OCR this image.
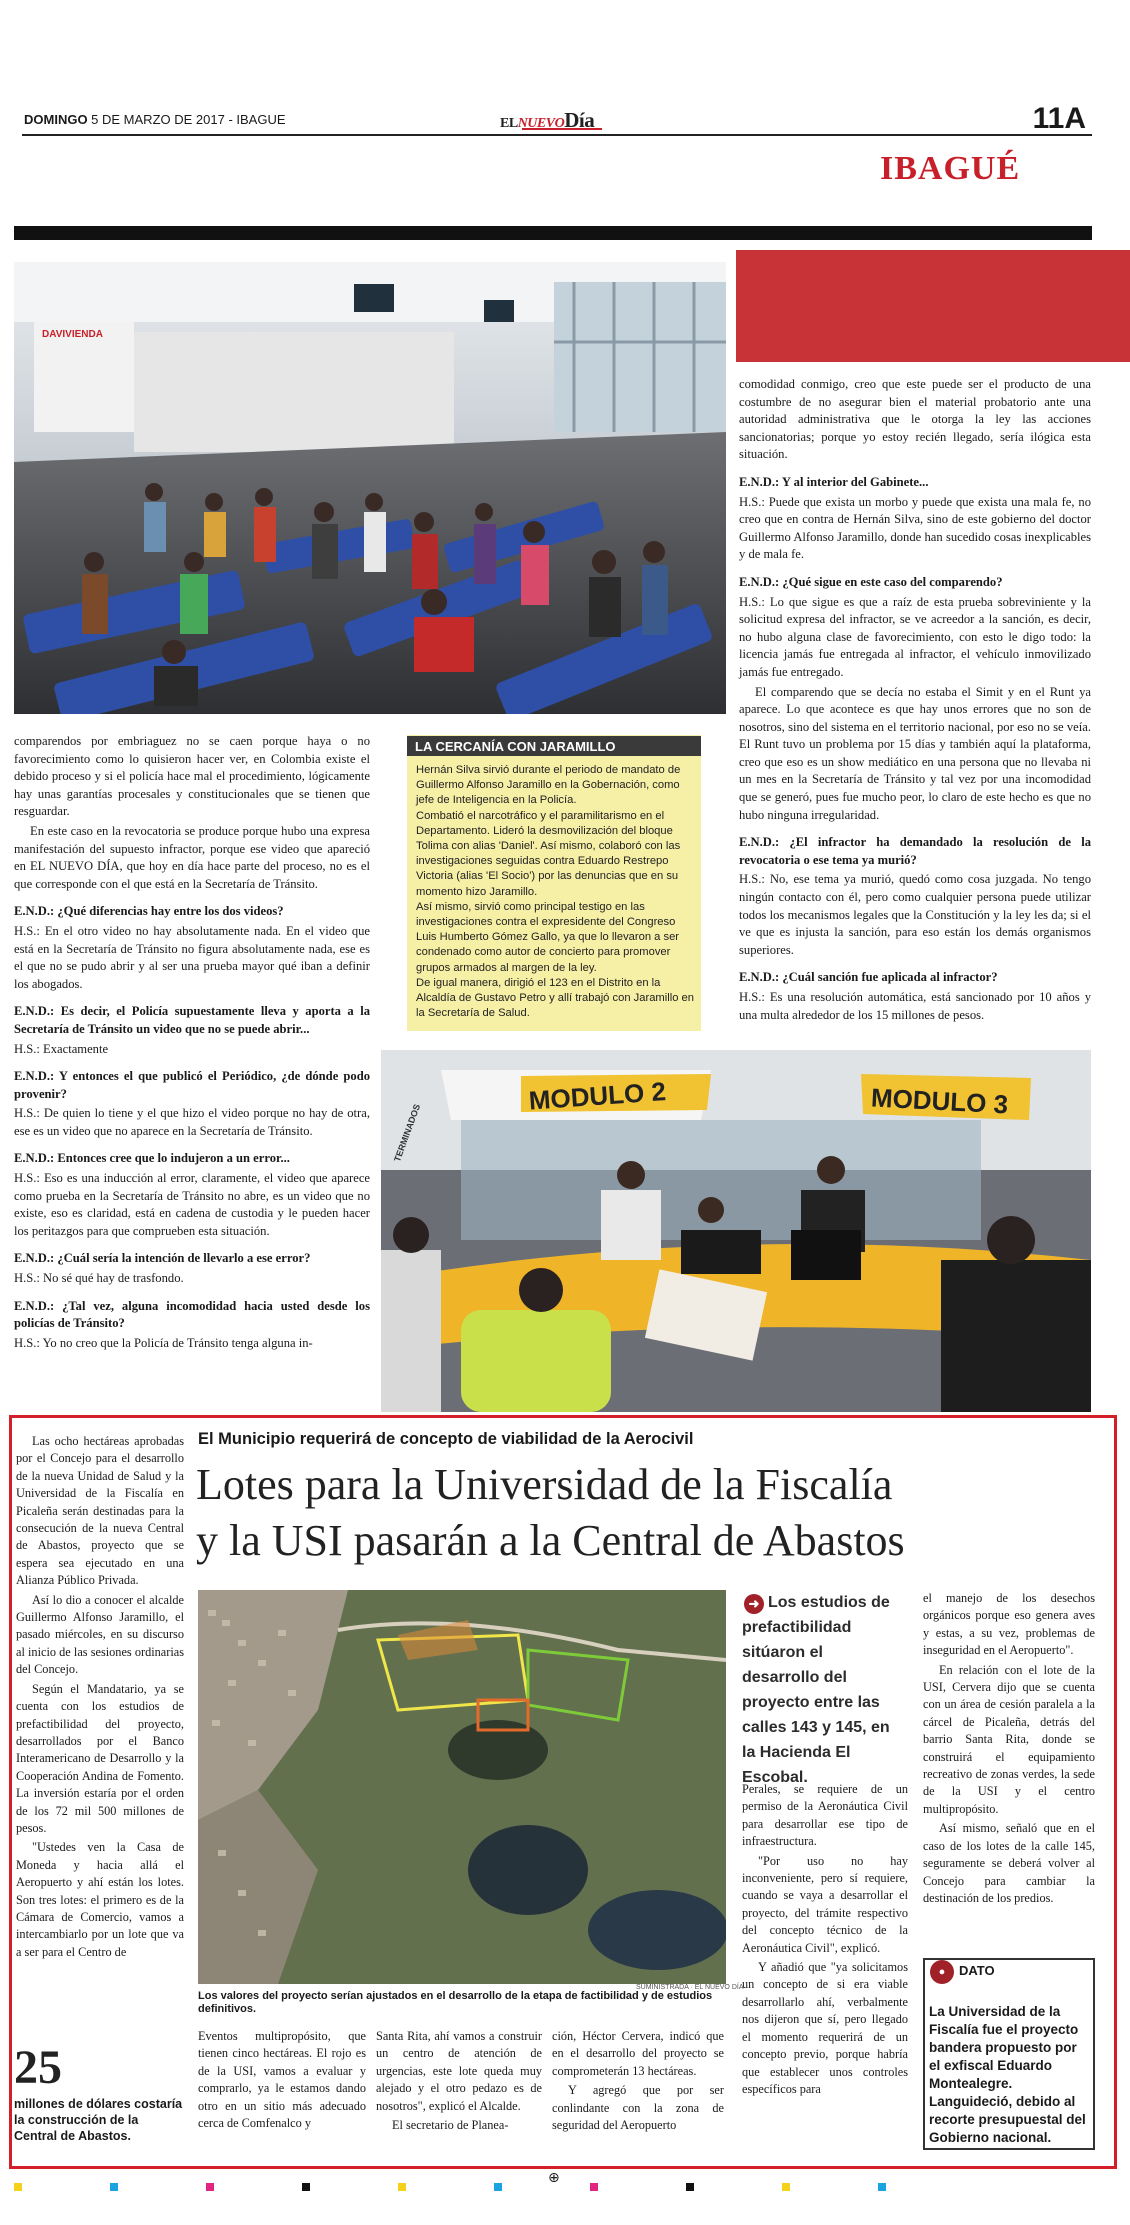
DOMINGO 5 DE MARZO DE 2017 - IBAGUE	ELNUEVODía	11A
IBAGUÉ
DAVIVIENDA

comparendos por embriaguez no se caen porque haya o no favorecimiento como lo quisieron hacer ver, en Colombia existe el debido proceso y si el policía hace mal el procedimiento, lógicamente hay unas garantías procesales y constitucionales que se tienen que resguardar.

En este caso en la revocatoria se produce porque hubo una expresa manifestación del supuesto infractor, porque ese video que apareció en EL NUEVO DÍA, que hoy en día hace parte del proceso, no es el que corresponde con el que está en la Secretaría de Tránsito.

E.N.D.: ¿Qué diferencias hay entre los dos videos?

H.S.: En el otro video no hay absolutamente nada. En el video que está en la Secretaría de Tránsito no figura absolutamente nada, ese es el que no se pudo abrir y al ser una prueba mayor qué iban a definir los abogados.

E.N.D.: Es decir, el Policía supuestamente lleva y aporta a la Secretaría de Tránsito un video que no se puede abrir...

H.S.: Exactamente

E.N.D.: Y entonces el que publicó el Periódico, ¿de dónde podo provenir?

H.S.: De quien lo tiene y el que hizo el video porque no hay de otra, ese es un video que no aparece en la Secretaría de Tránsito.

E.N.D.: Entonces cree que lo indujeron a un error...

H.S.: Eso es una inducción al error, claramente, el video que aparece como prueba en la Secretaría de Tránsito no abre, es un video que no existe, eso es claridad, está en cadena de custodia y le pueden hacer los peritazgos para que comprueben esta situación.

E.N.D.: ¿Cuál sería la intención de llevarlo a ese error?

H.S.: No sé qué hay de trasfondo.

E.N.D.: ¿Tal vez, alguna incomodidad hacia usted desde los policías de Tránsito?

H.S.: Yo no creo que la Policía de Tránsito tenga alguna in-

LA CERCANÍA CON JARAMILLO

Hernán Silva sirvió durante el periodo de mandato de Guillermo Alfonso Jaramillo en la Gobernación, como jefe de Inteligencia en la Policía.

Combatió el narcotráfico y el paramilitarismo en el Departamento. Lideró la desmovilización del bloque Tolima con alias 'Daniel'. Así mismo, colaboró con las investigaciones seguidas contra Eduardo Restrepo Victoria (alias 'El Socio') por las denuncias que en su momento hizo Jaramillo.

Así mismo, sirvió como principal testigo en las investigaciones contra el expresidente del Congreso Luis Humberto Gómez Gallo, ya que lo llevaron a ser condenado como autor de concierto para promover grupos armados al margen de la ley.

De igual manera, dirigió el 123 en el Distrito en la Alcaldía de Gustavo Petro y allí trabajó con Jaramillo en la Secretaría de Salud.

comodidad conmigo, creo que este puede ser el producto de una costumbre de no asegurar bien el material probatorio ante una autoridad administrativa que le otorga la ley las acciones sancionatorias; porque yo estoy recién llegado, sería ilógica esta situación.

E.N.D.: Y al interior del Gabinete...

H.S.: Puede que exista un morbo y puede que exista una mala fe, no creo que en contra de Hernán Silva, sino de este gobierno del doctor Guillermo Alfonso Jaramillo, donde han sucedido cosas inexplicables y de mala fe.

E.N.D.: ¿Qué sigue en este caso del comparendo?

H.S.: Lo que sigue es que a raíz de esta prueba sobreviniente y la solicitud expresa del infractor, se ve acreedor a la sanción, es decir, no hubo alguna clase de favorecimiento, con esto le digo todo: la licencia jamás fue entregada al infractor, el vehículo inmovilizado jamás fue entregado.

El comparendo que se decía no estaba el Simit y en el Runt ya aparece. Lo que acontece es que hay unos errores que no son de nosotros, sino del sistema en el territorio nacional, por eso no se veía. El Runt tuvo un problema por 15 días y también aquí la plataforma, creo que eso es un show mediático en una persona que no llevaba ni un mes en la Secretaría de Tránsito y tal vez por una incomodidad que se generó, pues fue mucho peor, lo claro de este hecho es que no hubo ninguna irregularidad.

E.N.D.: ¿El infractor ha demandado la resolución de la revocatoria o ese tema ya murió?

H.S.: No, ese tema ya murió, quedó como cosa juzgada. No tengo ningún contacto con él, pero como cualquier persona puede utilizar todos los mecanismos legales que la Constitución y la ley les da; si el ve que es injusta la sanción, para eso están los demás organismos superiores.

E.N.D.: ¿Cuál sanción fue aplicada al infractor?

H.S.: Es una resolución automática, está sancionado por 10 años y una multa alrededor de los 15 millones de pesos.

MODULO 2	MODULO 3
TERMINADOS
El Municipio requerirá de concepto de viabilidad de la Aerocivil
Lotes para la Universidad de la Fiscalía
y la USI pasarán a la Central de Abastos

Las ocho hectáreas aprobadas por el Concejo para el desarrollo de la nueva Unidad de Salud y la Universidad de la Fiscalía en Picaleña serán destinadas para la consecución de la nueva Central de Abastos, proyecto que se espera sea ejecutado en una Alianza Público Privada.

Así lo dio a conocer el alcalde Guillermo Alfonso Jaramillo, el pasado miércoles, en su discurso al inicio de las sesiones ordinarias del Concejo.

Según el Mandatario, ya se cuenta con los estudios de prefactibilidad del proyecto, desarrollados por el Banco Interamericano de Desarrollo y la Cooperación Andina de Fomento. La inversión estaría por el orden de los 72 mil 500 millones de pesos.

"Ustedes ven la Casa de Moneda y hacia allá el Aeropuerto y ahí están los lotes. Son tres lotes: el primero es de la Cámara de Comercio, vamos a intercambiarlo por un lote que va a ser para el Centro de

25
millones de dólares costaría la construcción de la Central de Abastos.
SUMINISTRADA · EL NUEVO DÍA
Los valores del proyecto serían ajustados en el desarrollo de la etapa de factibilidad y de estudios definitivos.

Eventos multipropósito, que tienen cinco hectáreas. El rojo es de la USI, vamos a evaluar y comprarlo, ya le estamos dando otro en un sitio más adecuado cerca de Comfenalco y

Santa Rita, ahí vamos a construir un centro de atención de urgencias, este lote queda muy alejado y el otro pedazo es de nosotros", explicó el Alcalde.

El secretario de Planea-

ción, Héctor Cervera, indicó que en el desarrollo del proyecto se comprometerán 13 hectáreas.

Y agregó que por ser conlindante con la zona de seguridad del Aeropuerto

➜ Los estudios de prefactibilidad sitúaron el desarrollo del proyecto entre las calles 143 y 145, en la Hacienda El Escobal.

Perales, se requiere de un permiso de la Aeronáutica Civil para desarrollar ese tipo de infraestructura.

"Por uso no hay inconveniente, pero sí requiere, cuando se vaya a desarrollar el proyecto, del trámite respectivo del concepto técnico de la Aeronáutica Civil", explicó.

Y añadió que "ya solicitamos un concepto de si era viable desarrollarlo ahí, verbalmente nos dijeron que sí, pero llegado el momento requerirá de un concepto previo, porque habría que establecer unos controles específicos para

el manejo de los desechos orgánicos porque eso genera aves y estas, a su vez, problemas de inseguridad en el Aeropuerto".

En relación con el lote de la USI, Cervera dijo que se cuenta con un área de cesión paralela a la cárcel de Picaleña, detrás del barrio Santa Rita, donde se construirá el equipamiento recreativo de zonas verdes, la sede de la USI y el centro multipropósito.

Así mismo, señaló que en el caso de los lotes de la calle 145, seguramente se deberá volver al Concejo para cambiar la destinación de los predios.

●	DATO
La Universidad de la Fiscalía fue el proyecto bandera propuesto por el exfiscal Eduardo Montealegre. Languideció, debido al recorte presupuestal del Gobierno nacional.
⊕
